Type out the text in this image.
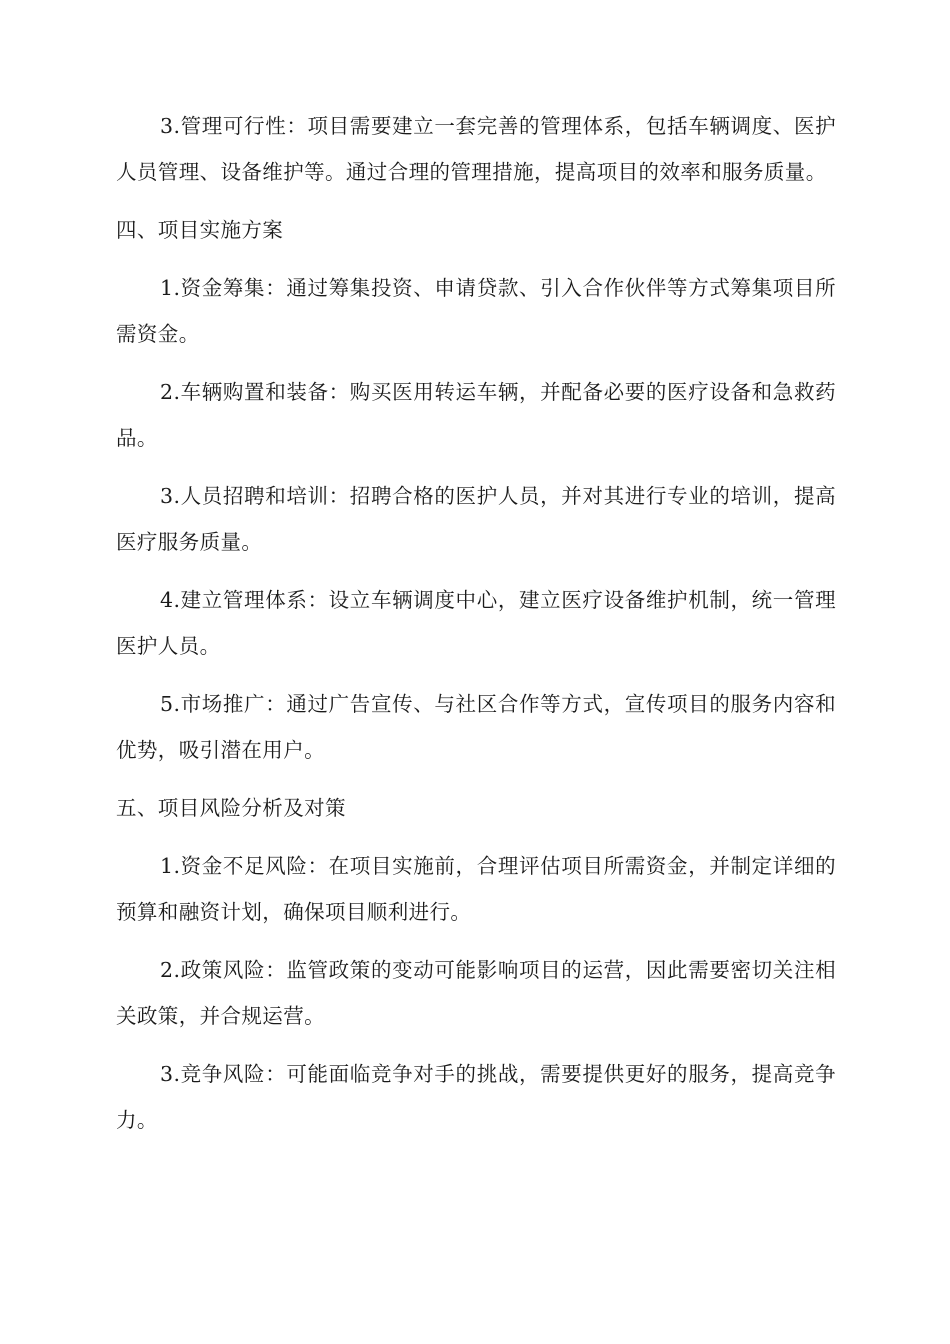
3.管理可行性：项目需要建立一套完善的管理体系，包括车辆调度、医护人员管理、设备维护等。通过合理的管理措施，提高项目的效率和服务质量。

四、项目实施方案

1.资金筹集：通过筹集投资、申请贷款、引入合作伙伴等方式筹集项目所需资金。

2.车辆购置和装备：购买医用转运车辆，并配备必要的医疗设备和急救药品。

3.人员招聘和培训：招聘合格的医护人员，并对其进行专业的培训，提高医疗服务质量。

4.建立管理体系：设立车辆调度中心，建立医疗设备维护机制，统一管理医护人员。

5.市场推广：通过广告宣传、与社区合作等方式，宣传项目的服务内容和优势，吸引潜在用户。

五、项目风险分析及对策

1.资金不足风险：在项目实施前，合理评估项目所需资金，并制定详细的预算和融资计划，确保项目顺利进行。

2.政策风险：监管政策的变动可能影响项目的运营，因此需要密切关注相关政策，并合规运营。

3.竞争风险：可能面临竞争对手的挑战，需要提供更好的服务，提高竞争力。
